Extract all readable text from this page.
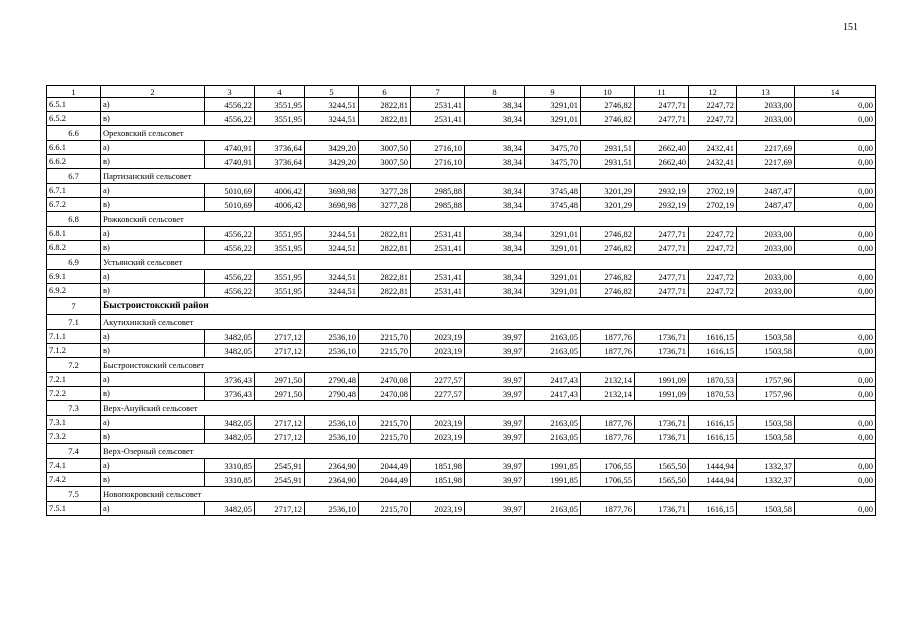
151
1	2	3	4	5	6	7	8	9	10	11	12	13	14
6.5.1	а)	4556,22	3551,95	3244,51	2822,81	2531,41	38,34	3291,01	2746,82	2477,71	2247,72	2033,00	0,00
6.5.2	в)	4556,22	3551,95	3244,51	2822,81	2531,41	38,34	3291,01	2746,82	2477,71	2247,72	2033,00	0,00
6.6	Ореховский сельсовет												
6.6.1	а)	4740,91	3736,64	3429,20	3007,50	2716,10	38,34	3475,70	2931,51	2662,40	2432,41	2217,69	0,00
6.6.2	в)	4740,91	3736,64	3429,20	3007,50	2716,10	38,34	3475,70	2931,51	2662,40	2432,41	2217,69	0,00
6.7	Партизанский сельсовет												
6.7.1	а)	5010,69	4006,42	3698,98	3277,28	2985,88	38,34	3745,48	3201,29	2932,19	2702,19	2487,47	0,00
6.7.2	в)	5010,69	4006,42	3698,98	3277,28	2985,88	38,34	3745,48	3201,29	2932,19	2702,19	2487,47	0,00
6.8	Рожковский сельсовет												
6.8.1	а)	4556,22	3551,95	3244,51	2822,81	2531,41	38,34	3291,01	2746,82	2477,71	2247,72	2033,00	0,00
6.8.2	в)	4556,22	3551,95	3244,51	2822,81	2531,41	38,34	3291,01	2746,82	2477,71	2247,72	2033,00	0,00
6.9	Устьянский сельсовет												
6.9.1	а)	4556,22	3551,95	3244,51	2822,81	2531,41	38,34	3291,01	2746,82	2477,71	2247,72	2033,00	0,00
6.9.2	в)	4556,22	3551,95	3244,51	2822,81	2531,41	38,34	3291,01	2746,82	2477,71	2247,72	2033,00	0,00
7	Быстроистокский район												
7.1	Акутихинский сельсовет												
7.1.1	а)	3482,05	2717,12	2536,10	2215,70	2023,19	39,97	2163,05	1877,76	1736,71	1616,15	1503,58	0,00
7.1.2	в)	3482,05	2717,12	2536,10	2215,70	2023,19	39,97	2163,05	1877,76	1736,71	1616,15	1503,58	0,00
7.2	Быстроистокский сельсовет												
7.2.1	а)	3736,43	2971,50	2790,48	2470,08	2277,57	39,97	2417,43	2132,14	1991,09	1870,53	1757,96	0,00
7.2.2	в)	3736,43	2971,50	2790,48	2470,08	2277,57	39,97	2417,43	2132,14	1991,09	1870,53	1757,96	0,00
7.3	Верх-Ануйский сельсовет												
7.3.1	а)	3482,05	2717,12	2536,10	2215,70	2023,19	39,97	2163,05	1877,76	1736,71	1616,15	1503,58	0,00
7.3.2	в)	3482,05	2717,12	2536,10	2215,70	2023,19	39,97	2163,05	1877,76	1736,71	1616,15	1503,58	0,00
7.4	Верх-Озерный сельсовет												
7.4.1	а)	3310,85	2545,91	2364,90	2044,49	1851,98	39,97	1991,85	1706,55	1565,50	1444,94	1332,37	0,00
7.4.2	в)	3310,85	2545,91	2364,90	2044,49	1851,98	39,97	1991,85	1706,55	1565,50	1444,94	1332,37	0,00
7.5	Новопокровский сельсовет												
7.5.1	а)	3482,05	2717,12	2536,10	2215,70	2023,19	39,97	2163,05	1877,76	1736,71	1616,15	1503,58	0,00
